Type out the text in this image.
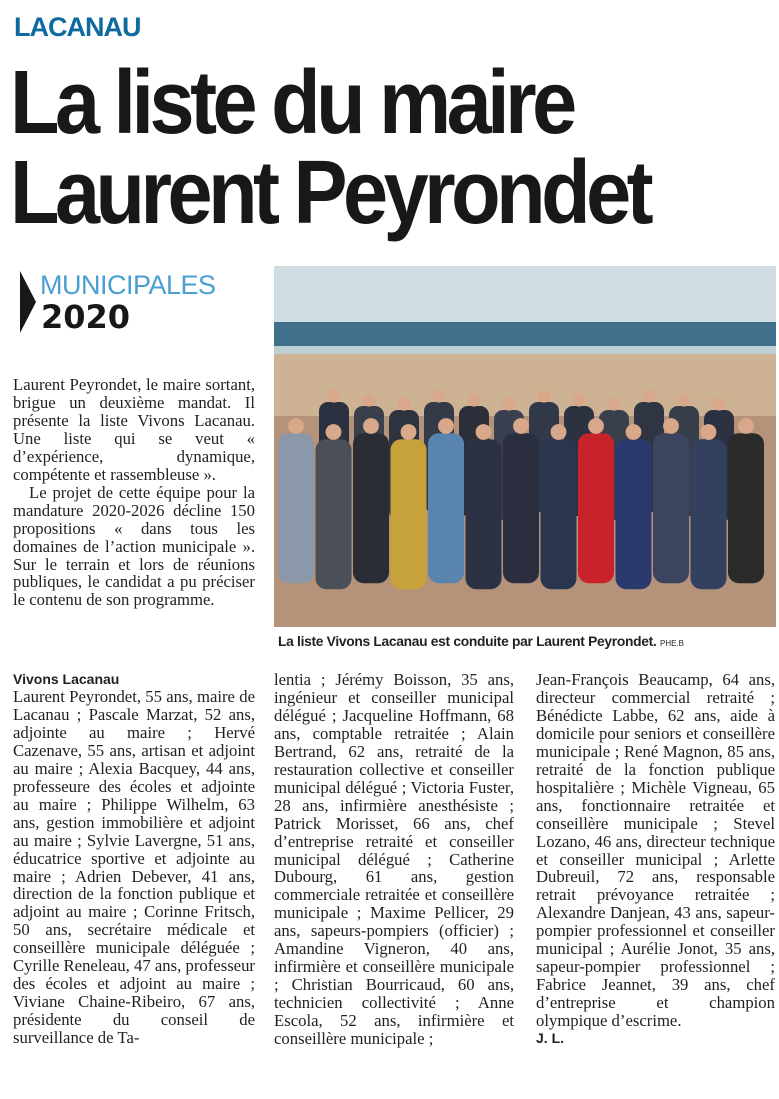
LACANAU
La liste du maire
Laurent Peyrondet
MUNICIPALES
2020

Laurent Peyrondet, le maire sortant, brigue un deuxième mandat. Il présente la liste Vivons Lacanau. Une liste qui se veut « d’expérience, dynamique, compétente et rassembleuse ».

Le projet de cette équipe pour la mandature 2020-2026 décline 150 propositions « dans tous les domaines de l’action municipale ». Sur le terrain et lors de réunions publiques, le candidat a pu préciser le contenu de son programme.

La liste Vivons Lacanau est conduite par Laurent Peyrondet. PHE.B
Vivons Lacanau

Laurent Peyrondet, 55 ans, maire de Lacanau ; Pascale Marzat, 52 ans, adjointe au maire ; Hervé Cazenave, 55 ans, artisan et adjoint au maire ; Alexia Bacquey, 44 ans, professeure des écoles et adjointe au maire ; Philippe Wilhelm, 63 ans, gestion immobilière et adjoint au maire ; Sylvie Lavergne, 51 ans, éducatrice sportive et adjointe au maire ; Adrien Debever, 41 ans, direction de la fonction publique et adjoint au maire ; Corinne Fritsch, 50 ans, secrétaire médicale et conseillère municipale déléguée ; Cyrille Reneleau, 47 ans, professeur des écoles et adjoint au maire ; Viviane Chaine-Ribeiro, 67 ans, présidente du conseil de surveillance de Ta-

lentia ; Jérémy Boisson, 35 ans, ingénieur et conseiller municipal délégué ; Jacqueline Hoffmann, 68 ans, comptable retraitée ; Alain Bertrand, 62 ans, retraité de la restauration collective et conseiller municipal délégué ; Victoria Fuster, 28 ans, infirmière anesthésiste ; Patrick Morisset, 66 ans, chef d’entreprise retraité et conseiller municipal délégué ; Catherine Dubourg, 61 ans, gestion commerciale retraitée et conseillère municipale ; Maxime Pellicer, 29 ans, sapeurs-pompiers (officier) ; Amandine Vigneron, 40 ans, infirmière et conseillère municipale ; Christian Bourricaud, 60 ans, technicien collectivité ; Anne Escola, 52 ans, infirmière et conseillère municipale ;

Jean-François Beaucamp, 64 ans, directeur commercial retraité ; Bénédicte Labbe, 62 ans, aide à domicile pour seniors et conseillère municipale ; René Magnon, 85 ans, retraité de la fonction publique hospitalière ; Michèle Vigneau, 65 ans, fonctionnaire retraitée et conseillère municipale ; Stevel Lozano, 46 ans, directeur technique et conseiller municipal ; Arlette Dubreuil, 72 ans, responsable retrait prévoyance retraitée ; Alexandre Danjean, 43 ans, sapeur-pompier professionnel et conseiller municipal ; Aurélie Jonot, 35 ans, sapeur-pompier professionnel ; Fabrice Jeannet, 39 ans, chef d’entreprise et champion olympique d’escrime.

J. L.
